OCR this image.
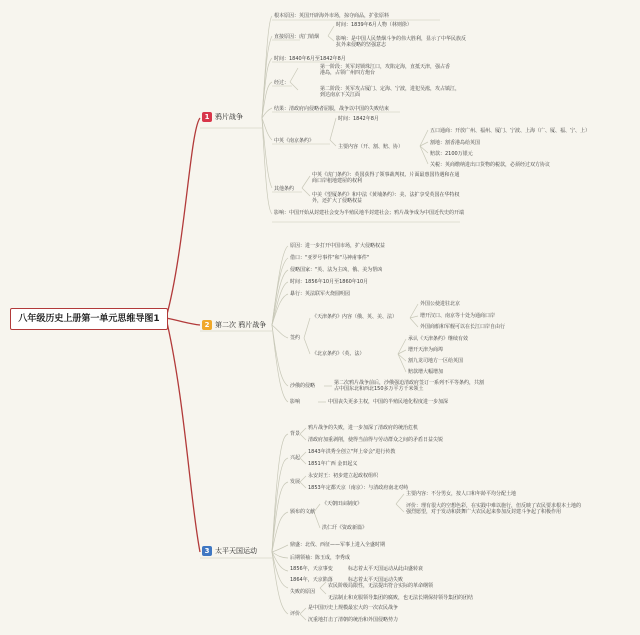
八年级历史上册第一单元思维导图1
1 鸦片战争
2 第二次 鸦片战争
3 太平天国运动
根本原因：英国开辟海外市场，掠夺商品，扩张原料
直接原因：虎门销烟
时间：1839年6月人物（林则徐）
影响：是中国人民禁烟斗争的伟大胜利，显示了中华民族反抗外来侵略的坚强意志
时间：1840年6月至1842年8月
经过：
第一阶段：英军封锁珠江口，攻陷定海，直抵天津，强占香港岛，占领广州四方炮台
第二阶段：英军攻占厦门、定海、宁波，进犯吴淞，攻占镇江，到达南京下关江面
结果：清政府向侵略者屈服，战争以中国的失败结束
中英《南京条约》
时间：1842年8月
主要内容（开、割、赔、协）
五口通商：开放广州、福州、厦门、宁波、上海（广、厦、福、宁、上）
割地：割香港岛给英国
赔款：2100万银元
关税：英商缴纳进出口货物的税款，必须经过双方协议
其他条约
中英《虎门条约》：英国获得了领事裁判权、片面最惠国待遇和在通商口岸租地建屋的权利
中美《望厦条约》和中法《黄埔条约》：美、法扩享受英国在华特权外，还扩大了侵略权益
影响：中国开始从封建社会变为半殖民地半封建社会；鸦片战争成为中国近代史的开端
原因：进一步打开中国市场，扩大侵略权益
借口："亚罗号事件"和"马神甫事件"
侵略国家："英、法为主凶，俄、美为帮凶
时间：1856年10月至1860年10月
暴行：英法联军火烧圆明园
签约
《天津条约》内容（俄、英、美、法）
外国公使进驻北京
增开汉口、南京等十处为通商口岸
外国商船和军舰可以在长江口岸自由行
《北京条约》（英、法）
承认《天津条约》继续有效
增开天津为商埠
割九龙司地方一区给英国
赔款增大幅增加
沙俄的侵略	第二次鸦片战争前后，沙俄强迫清政府签订一系列不平等条约，共割占中国东北和西北150多万平方千米领土
影响	中国丧失更多主权，中国的半殖民地化程度进一步加深
背景
鸦片战争的失败，进一步加深了清政府的统治危机
清政府加重剥削，使得当前得与劳动群众之间的矛盾日益尖锐
兴起
1843年洪秀全创立"拜上帝会"进行传教
1851年广西 金田起义
发展
永安封王：初步建立起政权组织
1853年定都天京（南京）：与清政府南北对峙
颁布的文献
《天朝田亩制度》
主要内容：不分男女，按人口和年龄平均分配土地
评价：理有很大的空想色彩，在实践中难以施行，但反映了农民要求根本土地的强烈愿望，对于发动和鼓舞广大农民起来参加反封建斗争起了积极作用
洪仁玕《资政新篇》
鼎盛：北伐、西征——军事上进入全盛时期
后期领袖：陈玉成，李秀成
1856年，天京事变	标志着太平天国运动从此由盛转衰
1864年，天京陷落	标志着太平天国运动失败
失败的原因
农民阶级局限性，无法提出符合实际的革命纲领
无法制止和克服领导集团的腐败，也无法长期保持领导集团的团结
评价
是中国历史上规模最宏大的一次农民战争
沉重地打击了清朝的统治和外国侵略势力
